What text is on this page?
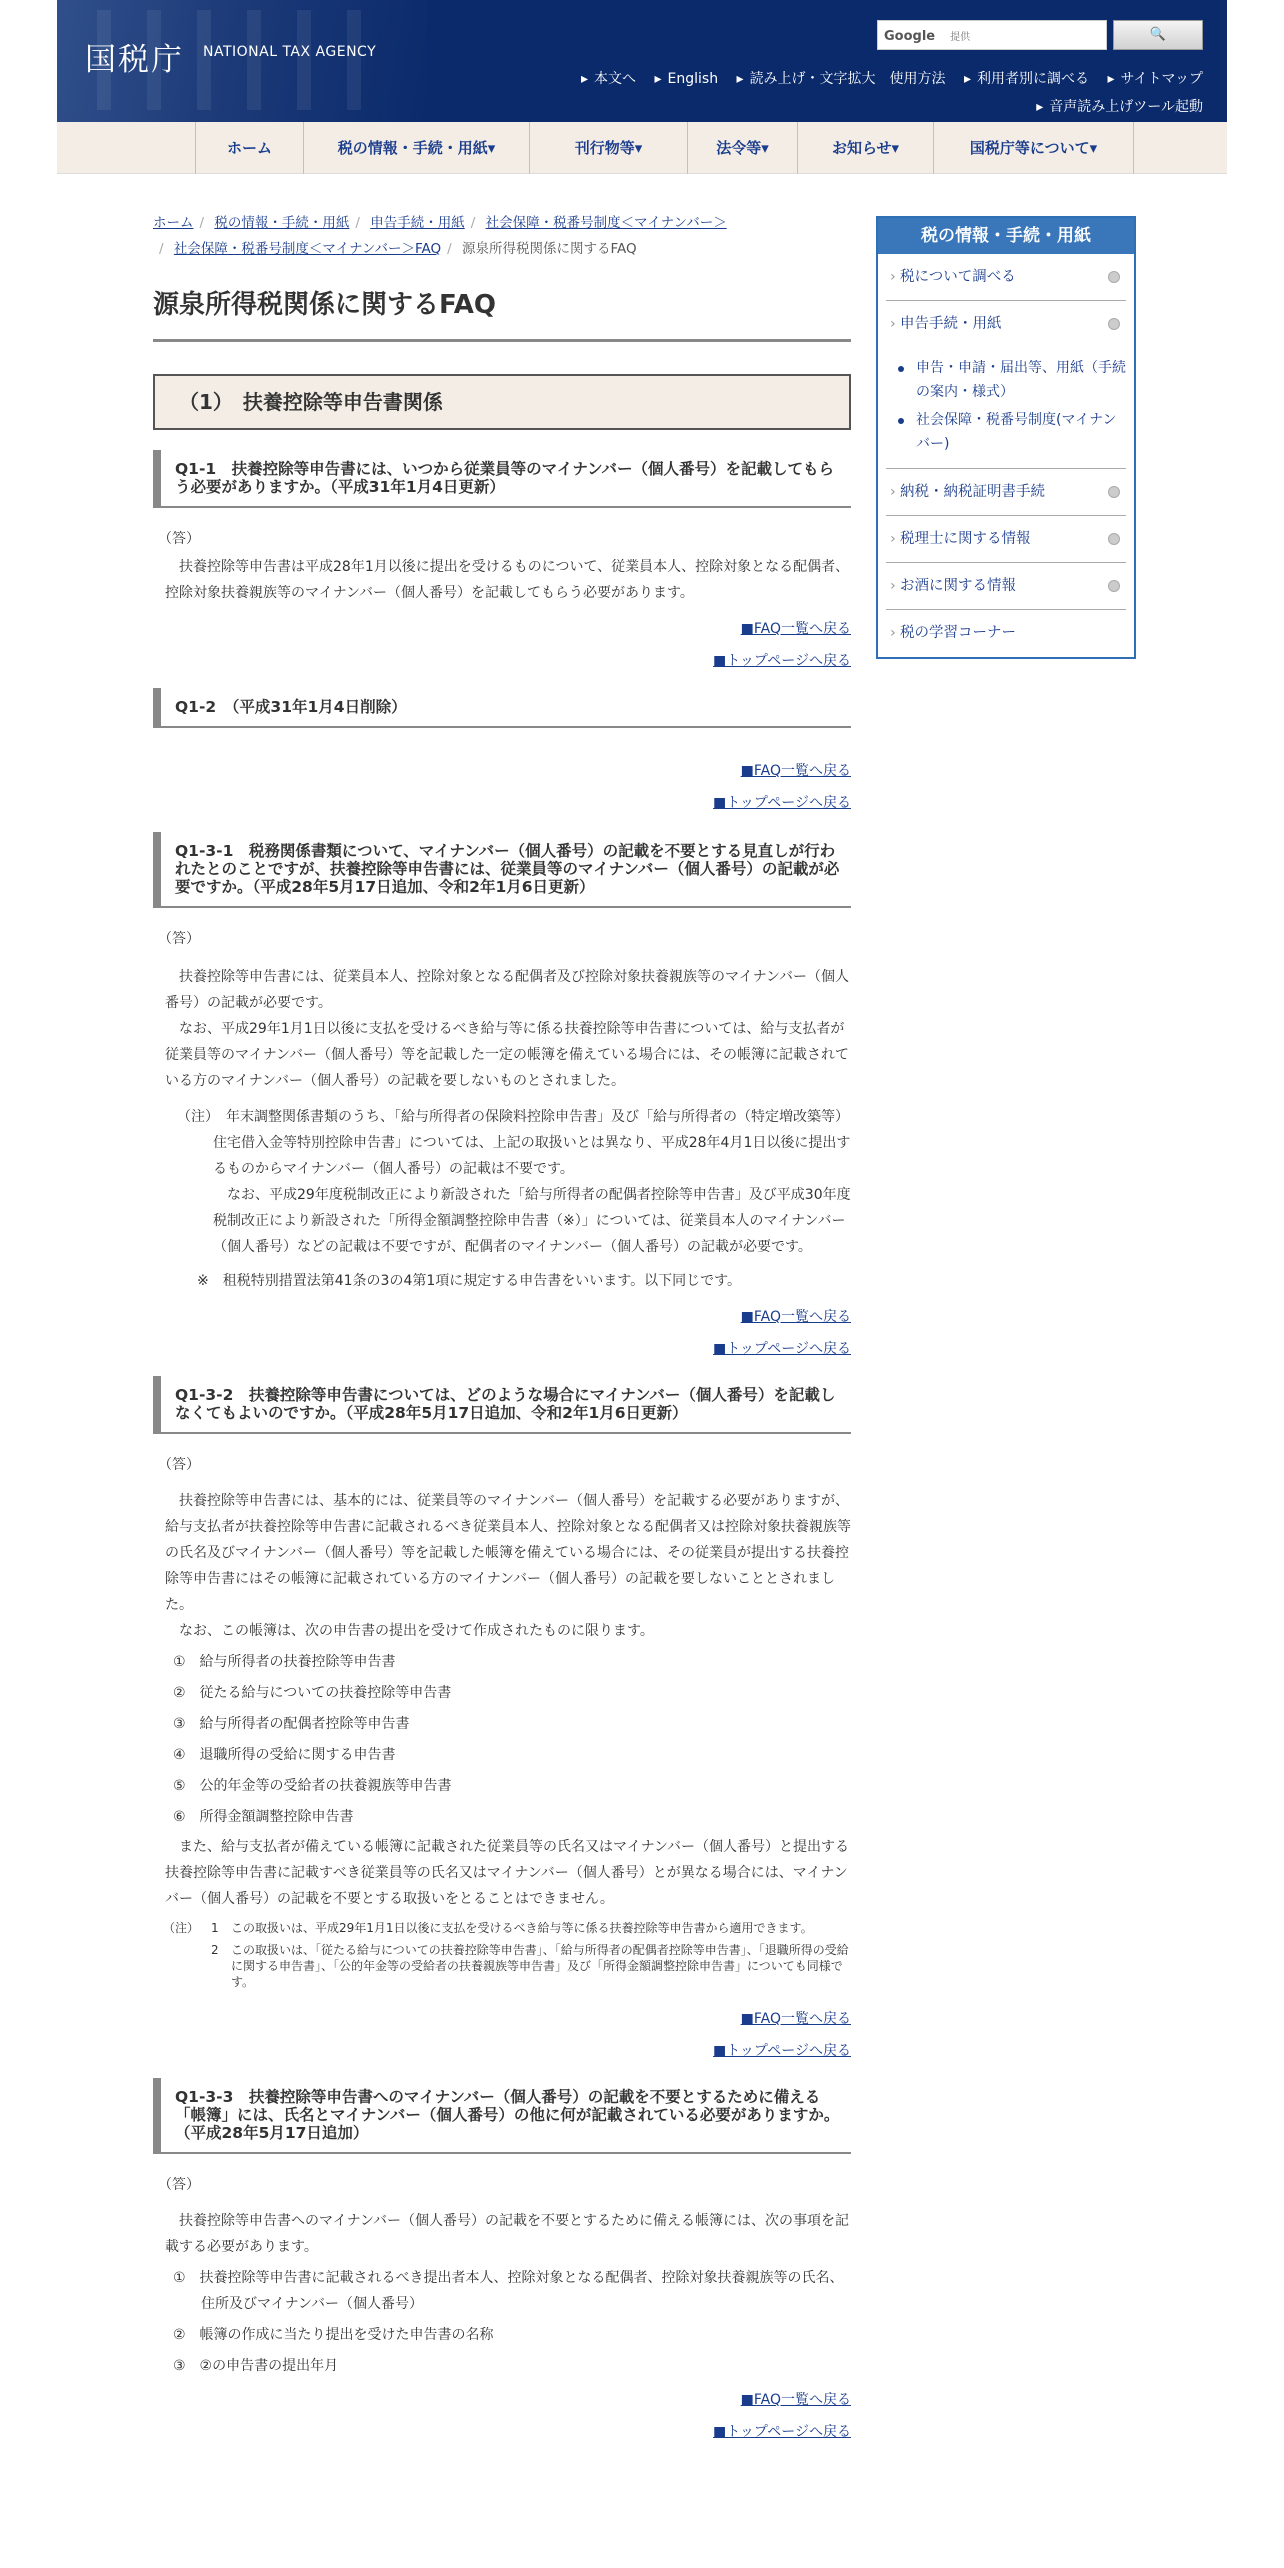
国税庁 NATIONAL TAX AGENCY
Google 提供	🔍
▸ 本文へ ▸ English ▸ 読み上げ・文字拡大　使用方法 ▸ 利用者別に調べる ▸ サイトマップ
▸ 音声読み上げツール起動
ホーム	税の情報・手続・用紙▾	刊行物等▾	法令等▾	お知らせ▾	国税庁等について▾
ホーム / 税の情報・手続・用紙 / 申告手続・用紙 / 社会保障・税番号制度＜マイナンバー＞
/ 社会保障・税番号制度＜マイナンバー＞FAQ / 源泉所得税関係に関するFAQ
源泉所得税関係に関するFAQ
（1）　扶養控除等申告書関係
Q1-1　扶養控除等申告書には、いつから従業員等のマイナンバー（個人番号）を記載してもらう必要がありますか。（平成31年1月4日更新）
（答）
扶養控除等申告書は平成28年1月以後に提出を受けるものについて、従業員本人、控除対象となる配偶者、控除対象扶養親族等のマイナンバー（個人番号）を記載してもらう必要があります。
■FAQ一覧へ戻る
■トップページへ戻る
Q1-2　（平成31年1月4日削除）
■FAQ一覧へ戻る
■トップページへ戻る
Q1-3-1　税務関係書類について、マイナンバー（個人番号）の記載を不要とする見直しが行われたとのことですが、扶養控除等申告書には、従業員等のマイナンバー（個人番号）の記載が必要ですか。（平成28年5月17日追加、令和2年1月6日更新）
（答）
扶養控除等申告書には、従業員本人、控除対象となる配偶者及び控除対象扶養親族等のマイナンバー（個人番号）の記載が必要です。
なお、平成29年1月1日以後に支払を受けるべき給与等に係る扶養控除等申告書については、給与支払者が従業員等のマイナンバー（個人番号）等を記載した一定の帳簿を備えている場合には、その帳簿に記載されている方のマイナンバー（個人番号）の記載を要しないものとされました。
（注）　年末調整関係書類のうち、「給与所得者の保険料控除申告書」及び「給与所得者の（特定増改築等）住宅借入金等特別控除申告書」については、上記の取扱いとは異なり、平成28年4月1日以後に提出するものからマイナンバー（個人番号）の記載は不要です。
なお、平成29年度税制改正により新設された「給与所得者の配偶者控除等申告書」及び平成30年度税制改正により新設された「所得金額調整控除申告書（※）」については、従業員本人のマイナンバー（個人番号）などの記載は不要ですが、配偶者のマイナンバー（個人番号）の記載が必要です。
※　租税特別措置法第41条の3の4第1項に規定する申告書をいいます。以下同じです。
■FAQ一覧へ戻る
■トップページへ戻る
Q1-3-2　扶養控除等申告書については、どのような場合にマイナンバー（個人番号）を記載しなくてもよいのですか。（平成28年5月17日追加、令和2年1月6日更新）
（答）
扶養控除等申告書には、基本的には、従業員等のマイナンバー（個人番号）を記載する必要がありますが、給与支払者が扶養控除等申告書に記載されるべき従業員本人、控除対象となる配偶者又は控除対象扶養親族等の氏名及びマイナンバー（個人番号）等を記載した帳簿を備えている場合には、その従業員が提出する扶養控除等申告書にはその帳簿に記載されている方のマイナンバー（個人番号）の記載を要しないこととされました。
なお、この帳簿は、次の申告書の提出を受けて作成されたものに限ります。
①　給与所得者の扶養控除等申告書
②　従たる給与についての扶養控除等申告書
③　給与所得者の配偶者控除等申告書
④　退職所得の受給に関する申告書
⑤　公的年金等の受給者の扶養親族等申告書
⑥　所得金額調整控除申告書
また、給与支払者が備えている帳簿に記載された従業員等の氏名又はマイナンバー（個人番号）と提出する扶養控除等申告書に記載すべき従業員等の氏名又はマイナンバー（個人番号）とが異なる場合には、マイナンバー（個人番号）の記載を不要とする取扱いをとることはできません。
（注） 1	この取扱いは、平成29年1月1日以後に支払を受けるべき給与等に係る扶養控除等申告書から適用できます。
2	この取扱いは、「従たる給与についての扶養控除等申告書」、「給与所得者の配偶者控除等申告書」、「退職所得の受給に関する申告書」、「公的年金等の受給者の扶養親族等申告書」及び「所得金額調整控除申告書」についても同様です。
■FAQ一覧へ戻る
■トップページへ戻る
Q1-3-3　扶養控除等申告書へのマイナンバー（個人番号）の記載を不要とするために備える「帳簿」には、氏名とマイナンバー（個人番号）の他に何が記載されている必要がありますか。（平成28年5月17日追加）
（答）
扶養控除等申告書へのマイナンバー（個人番号）の記載を不要とするために備える帳簿には、次の事項を記載する必要があります。
①　扶養控除等申告書に記載されるべき提出者本人、控除対象となる配偶者、控除対象扶養親族等の氏名、住所及びマイナンバー（個人番号）
②　帳簿の作成に当たり提出を受けた申告書の名称
③　②の申告書の提出年月
■FAQ一覧へ戻る
■トップページへ戻る
税の情報・手続・用紙
› 税について調べる
› 申告手続・用紙
申告・申請・届出等、用紙（手続の案内・様式）
社会保障・税番号制度(マイナンバー)
› 納税・納税証明書手続
› 税理士に関する情報
› お酒に関する情報
› 税の学習コーナー
